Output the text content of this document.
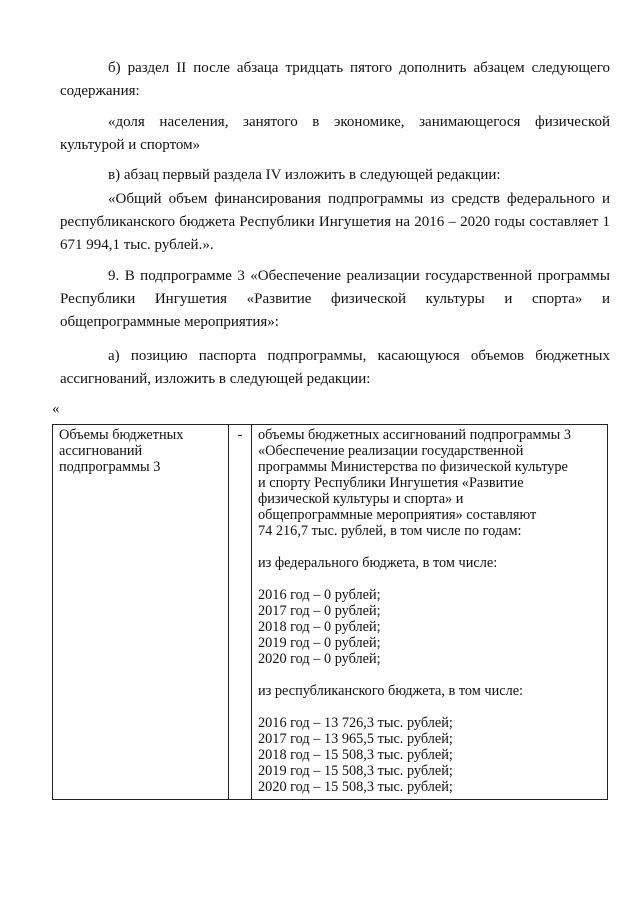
б) раздел II после абзаца тридцать пятого дополнить абзацем следующего содержания:

«доля населения, занятого в экономике, занимающегося физической культурой и спортом»

в) абзац первый раздела IV изложить в следующей редакции:

«Общий объем финансирования подпрограммы из средств федерального и республиканского бюджета Республики Ингушетия на 2016 – 2020 годы составляет 1 671 994,1 тыс. рублей.».

9. В подпрограмме 3 «Обеспечение реализации государственной программы Республики Ингушетия «Развитие физической культуры и спорта» и общепрограммные мероприятия»:

а) позицию паспорта подпрограммы, касающуюся объемов бюджетных ассигнований, изложить в следующей редакции:

«
Объемы бюджетных
ассигнований
подпрограммы 3
	-	объемы бюджетных ассигнований подпрограммы 3
«Обеспечение реализации государственной
программы Министерства по физической культуре
и спорту Республики Ингушетия «Развитие
физической культуры и спорта» и
общепрограммные мероприятия» составляют
74 216,7 тыс. рублей, в том числе по годам:
из федерального бюджета, в том числе:
2016 год – 0 рублей;
2017 год – 0 рублей;
2018 год – 0 рублей;
2019 год – 0 рублей;
2020 год – 0 рублей;
из республиканского бюджета, в том числе:
2016 год – 13 726,3 тыс. рублей;
2017 год – 13 965,5 тыс. рублей;
2018 год – 15 508,3 тыс. рублей;
2019 год – 15 508,3 тыс. рублей;
2020 год – 15 508,3 тыс. рублей;
